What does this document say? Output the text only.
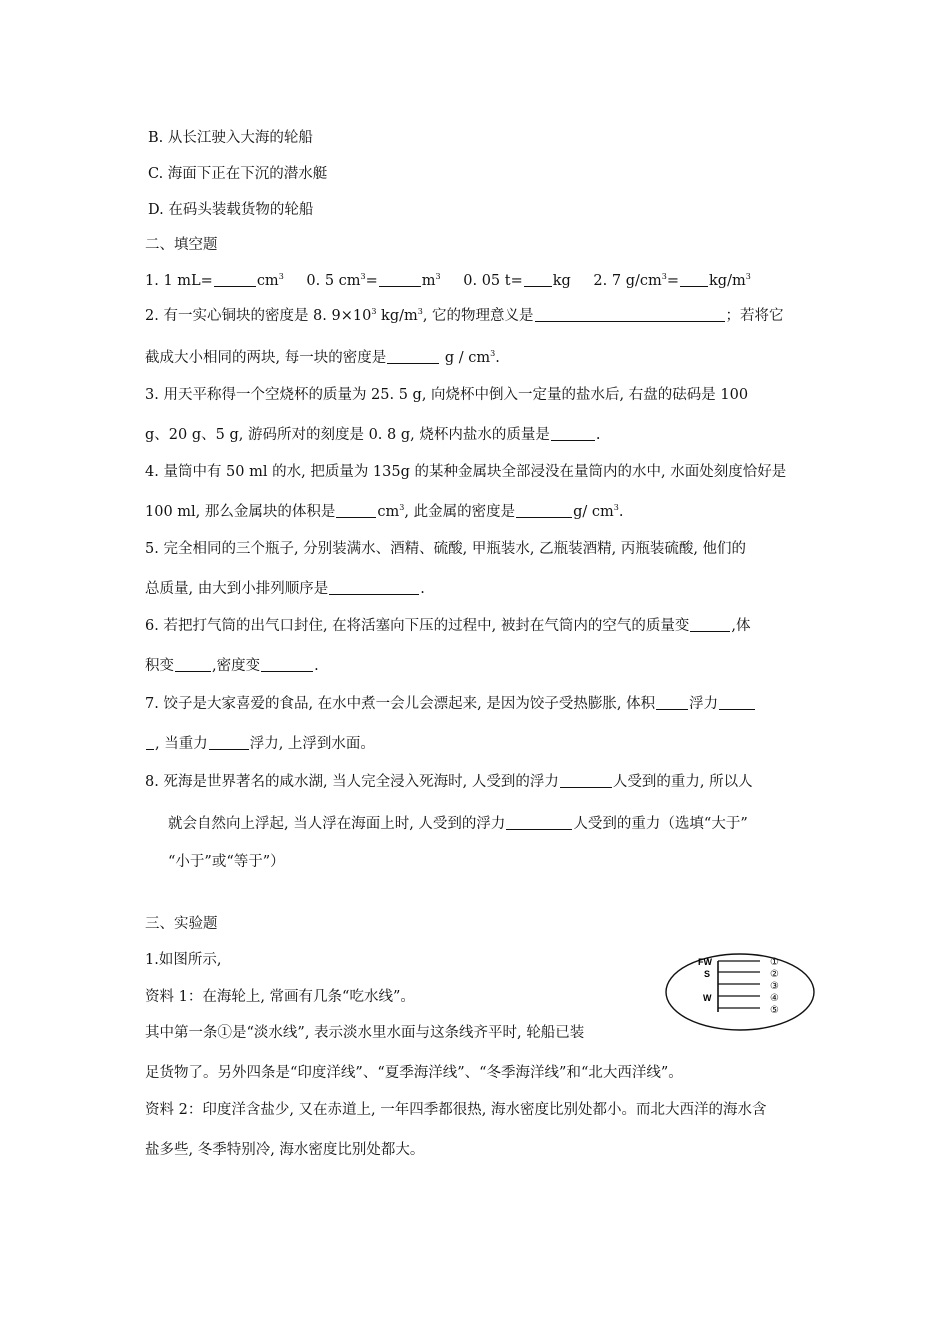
B. 从长江驶入大海的轮船
C. 海面下正在下沉的潜水艇
D. 在码头装载货物的轮船
二、填空题
1. 1 mL=	$cm^3$ 0. 5 $cm^3=$	$m^3$ 0. 05 t= kg 2. 7 $g/cm^3= kg/m^3$
2. 有一实心铜块的密度是 8. $9\times 10^3$ $kg/m^3$, 它的物理意义是	；若将它
截成大小相同的两块, 每一块的密度是	g / $cm^3$.
3. 用天平称得一个空烧杯的质量为 25. 5 g, 向烧杯中倒入一定量的盐水后, 右盘的砝码是 100
g、20 g、5 g, 游码所对的刻度是 0. 8 g, 烧杯内盐水的质量是	.
4. 量筒中有 50 ml 的水, 把质量为 135g 的某种金属块全部浸没在量筒内的水中, 水面处刻度恰好是
100 ml, 那么金属块的体积是	$cm^3$, 此金属的密度是	g/ $cm^3$.
5. 完全相同的三个瓶子, 分别装满水、酒精、硫酸, 甲瓶装水, 乙瓶装酒精, 丙瓶装硫酸, 他们的
总质量, 由大到小排列顺序是	.
6. 若把打气筒的出气口封住, 在将活塞向下压的过程中, 被封在气筒内的空气的质量变	,体
积变	,密度变	.
7. 饺子是大家喜爱的食品, 在水中煮一会儿会漂起来, 是因为饺子受热膨胀, 体积 浮力
, 当重力	浮力, 上浮到水面。
8. 死海是世界著名的咸水湖, 当人完全浸入死海时, 人受到的浮力	人受到的重力, 所以人
就会自然向上浮起, 当人浮在海面上时, 人受到的浮力	人受到的重力（选填“大于”
“小于”或“等于”）
三、实验题
1.如图所示,
资料 1：在海轮上, 常画有几条“吃水线”。
其中第一条①是“淡水线”, 表示淡水里水面与这条线齐平时, 轮船已装
足货物了。另外四条是“印度洋线”、“夏季海洋线”、“冬季海洋线”和“北大西洋线”。
资料 2：印度洋含盐少, 又在赤道上, 一年四季都很热, 海水密度比别处都小。而北大西洋的海水含
盐多些, 冬季特别冷, 海水密度比别处都大。
FW
S
W
①
②
③
④
⑤
